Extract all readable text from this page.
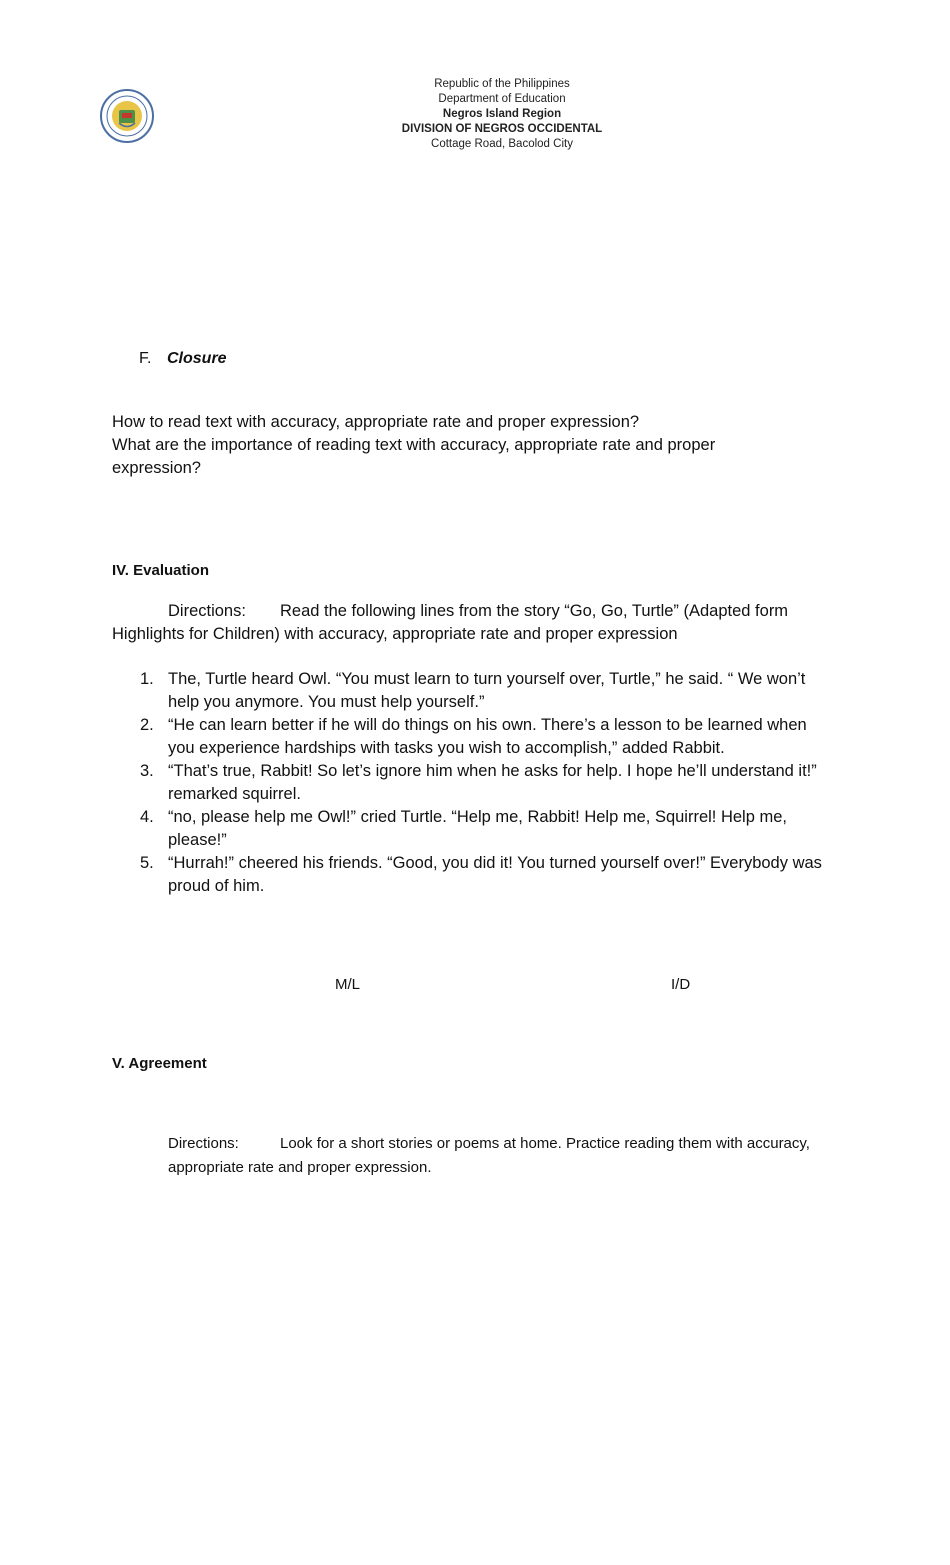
Republic of the Philippines
Department of Education
Negros Island Region
DIVISION OF NEGROS OCCIDENTAL
Cottage Road, Bacolod City
F. Closure

How to read text with accuracy, appropriate rate and proper expression?

What are the importance of reading text with accuracy, appropriate rate and proper expression?

IV. Evaluation
Directions: Read the following lines from the story “Go, Go, Turtle” (Adapted form Highlights for Children) with accuracy, appropriate rate and proper expression
1. The, Turtle heard Owl. “You must learn to turn yourself over, Turtle,” he said. “ We won’t help you anymore. You must help yourself.”
2. “He can learn better if he will do things on his own. There’s a lesson to be learned when you experience hardships with tasks you wish to accomplish,” added Rabbit.
3. “That’s true, Rabbit! So let’s ignore him when he asks for help. I hope he’ll understand it!” remarked squirrel.
4. “no, please help me Owl!” cried Turtle. “Help me, Rabbit! Help me, Squirrel! Help me, please!”
5. “Hurrah!” cheered his friends. “Good, you did it! You turned yourself over!” Everybody was proud of him.
M/L	I/D
V. Agreement
Directions:	Look for a short stories or poems at home. Practice reading them with accuracy, appropriate rate and proper expression.
